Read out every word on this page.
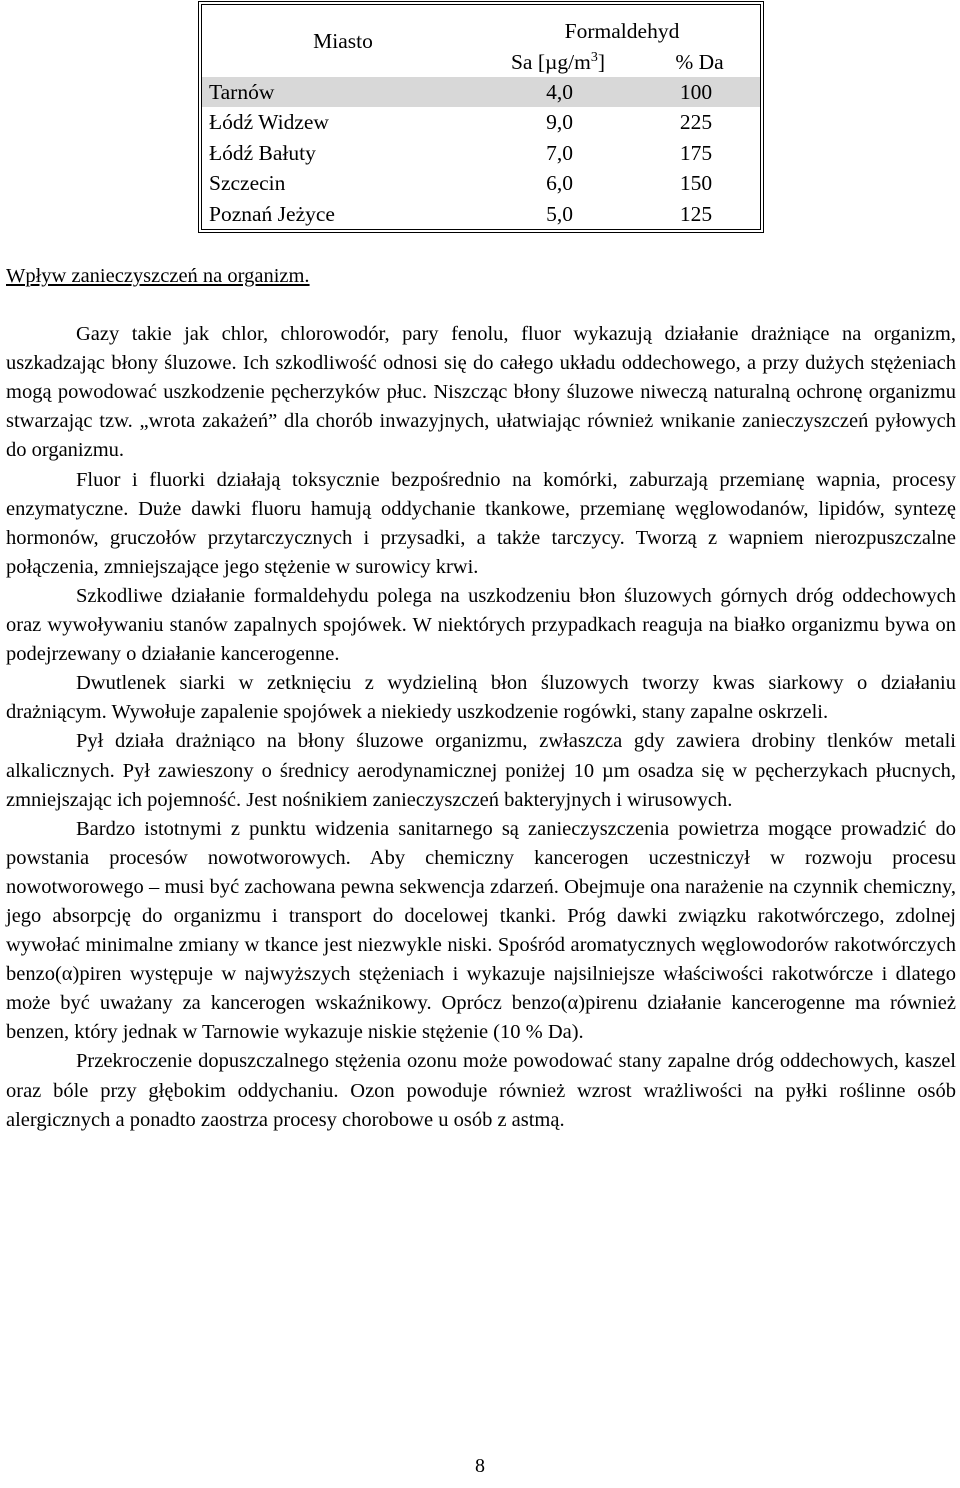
Miasto	Formaldehyd	
	Sa $[\mu g/m^3]$	% Da
Tarnów	4,0	100
Łódź Widzew	9,0	225
Łódź Bałuty	7,0	175
Szczecin	6,0	150
Poznań Jeżyce	5,0	125

Wpływ zanieczyszczeń na organizm.

Gazy takie jak chlor, chlorowodór, pary fenolu, fluor wykazują działanie drażniące na organizm, uszkadzając błony śluzowe. Ich szkodliwość odnosi się do całego układu oddechowego, a przy dużych stężeniach mogą powodować uszkodzenie pęcherzyków płuc. Niszcząc błony śluzowe niweczą naturalną ochronę organizmu stwarzając tzw. „wrota zakażeń” dla chorób inwazyjnych, ułatwiając również wnikanie zanieczyszczeń pyłowych do organizmu.

Fluor i fluorki działają toksycznie bezpośrednio na komórki, zaburzają przemianę wapnia, procesy enzymatyczne. Duże dawki fluoru hamują oddychanie tkankowe, przemianę węglowodanów, lipidów, syntezę hormonów, gruczołów przytarczycznych i przysadki, a także tarczycy. Tworzą z wapniem nierozpuszczalne połączenia, zmniejszające jego stężenie w surowicy krwi.

Szkodliwe działanie formaldehydu polega na uszkodzeniu błon śluzowych górnych dróg oddechowych oraz wywoływaniu stanów zapalnych spojówek. W niektórych przypadkach reaguja na białko organizmu bywa on podejrzewany o działanie kancerogenne.

Dwutlenek siarki w zetknięciu z wydzieliną błon śluzowych tworzy kwas siarkowy o działaniu drażniącym. Wywołuje zapalenie spojówek a niekiedy uszkodzenie rogówki, stany zapalne oskrzeli.

Pył działa drażniąco na błony śluzowe organizmu, zwłaszcza gdy zawiera drobiny tlenków metali alkalicznych. Pył zawieszony o średnicy aerodynamicznej poniżej 10 µm osadza się w pęcherzykach płucnych, zmniejszając ich pojemność. Jest nośnikiem zanieczyszczeń bakteryjnych i wirusowych.

Bardzo istotnymi z punktu widzenia sanitarnego są zanieczyszczenia powietrza mogące prowadzić do powstania procesów nowotworowych. Aby chemiczny kancerogen uczestniczył w rozwoju procesu nowotworowego – musi być zachowana pewna sekwencja zdarzeń. Obejmuje ona narażenie na czynnik chemiczny, jego absorpcję do organizmu i transport do docelowej tkanki. Próg dawki związku rakotwórczego, zdolnej wywołać minimalne zmiany w tkance jest niezwykle niski. Spośród aromatycznych węglowodorów rakotwórczych benzo(α)piren występuje w najwyższych stężeniach i wykazuje najsilniejsze właściwości rakotwórcze i dlatego może być uważany za kancerogen wskaźnikowy. Oprócz benzo(α)pirenu działanie kancerogenne ma również benzen, który jednak w Tarnowie wykazuje niskie stężenie (10 % Da).

Przekroczenie dopuszczalnego stężenia ozonu może powodować stany zapalne dróg oddechowych, kaszel oraz bóle przy głębokim oddychaniu. Ozon powoduje również wzrost wrażliwości na pyłki roślinne osób alergicznych a ponadto zaostrza procesy chorobowe u osób z astmą.

8
